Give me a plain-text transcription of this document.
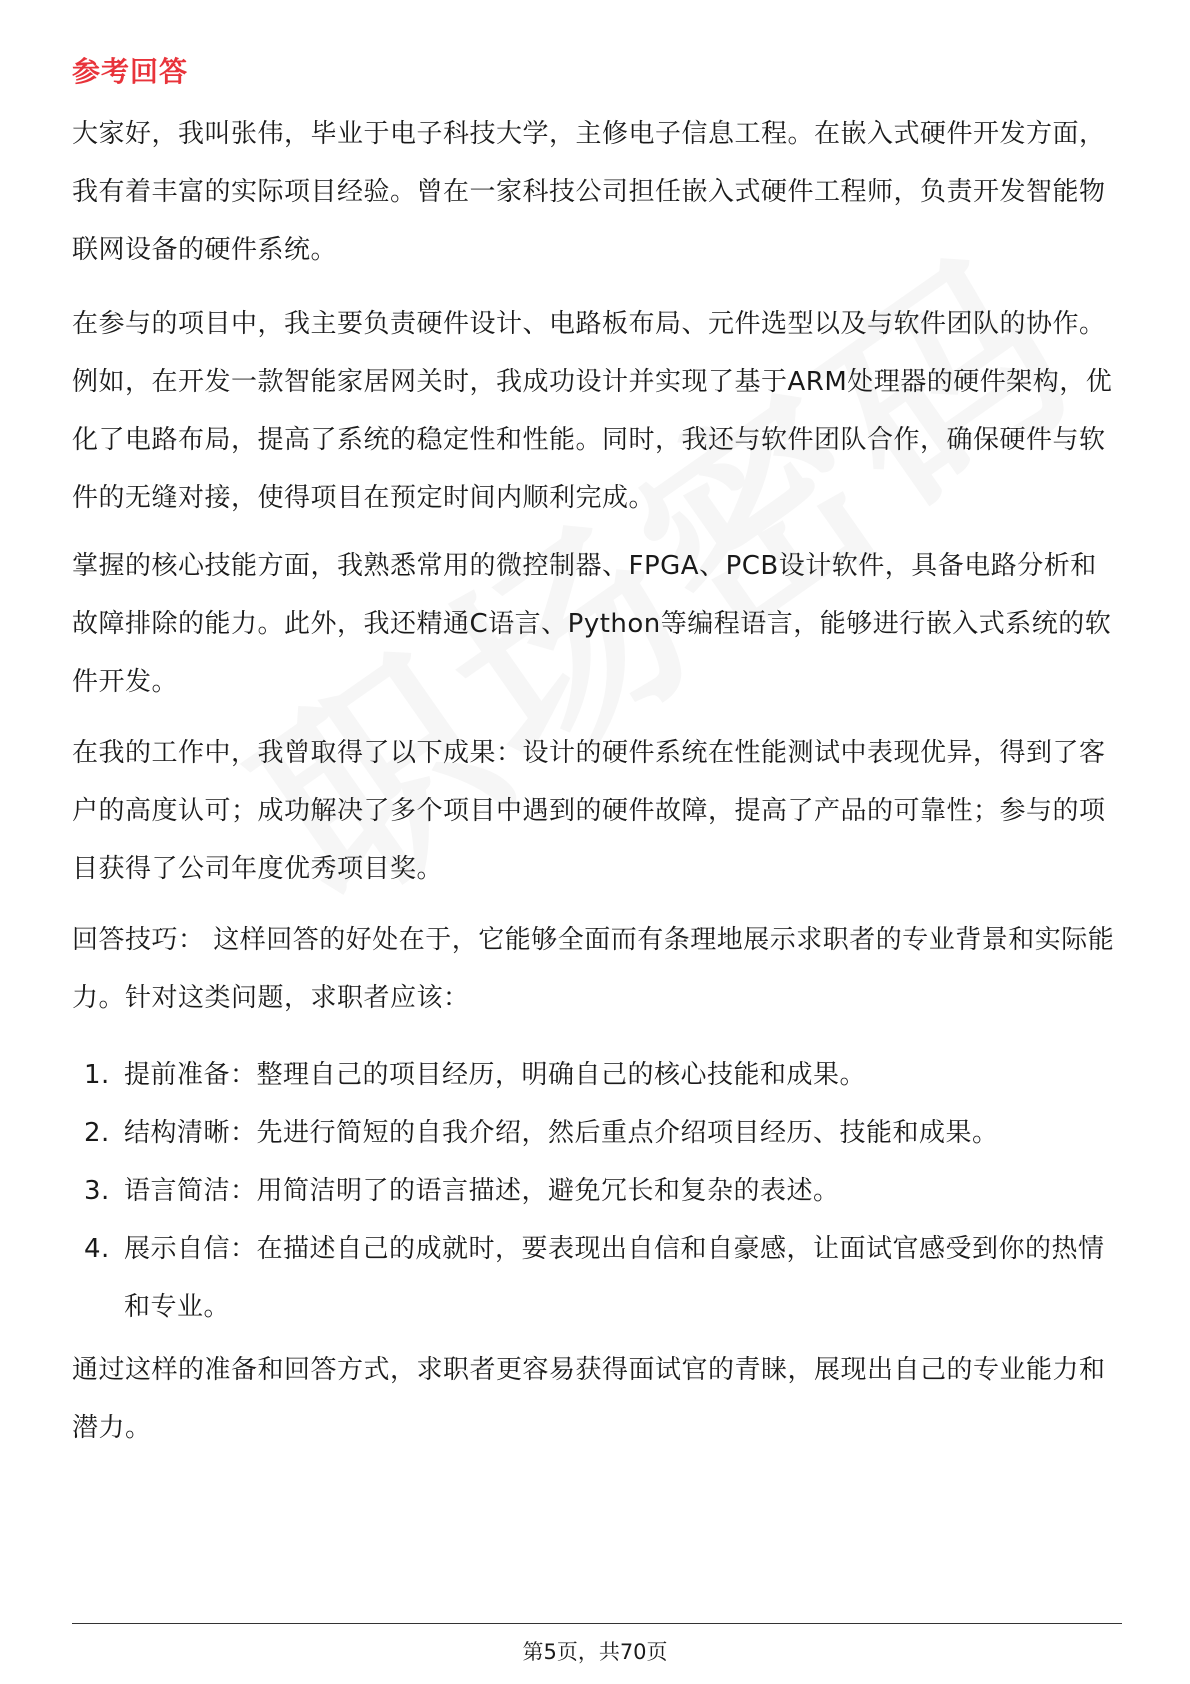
参考回答

大家好，我叫张伟，毕业于电子科技大学，主修电子信息工程。在嵌入式硬件开发方面，我有着丰富的实际项目经验。曾在一家科技公司担任嵌入式硬件工程师，负责开发智能物联网设备的硬件系统。

在参与的项目中，我主要负责硬件设计、电路板布局、元件选型以及与软件团队的协作。例如，在开发一款智能家居网关时，我成功设计并实现了基于ARM处理器的硬件架构，优化了电路布局，提高了系统的稳定性和性能。同时，我还与软件团队合作，确保硬件与软件的无缝对接，使得项目在预定时间内顺利完成。

掌握的核心技能方面，我熟悉常用的微控制器、FPGA、PCB设计软件，具备电路分析和故障排除的能力。此外，我还精通C语言、Python等编程语言，能够进行嵌入式系统的软件开发。

在我的工作中，我曾取得了以下成果：设计的硬件系统在性能测试中表现优异，得到了客户的高度认可；成功解决了多个项目中遇到的硬件故障，提高了产品的可靠性；参与的项目获得了公司年度优秀项目奖。

回答技巧： 这样回答的好处在于，它能够全面而有条理地展示求职者的专业背景和实际能力。针对这类问题，求职者应该：

1. 提前准备：整理自己的项目经历，明确自己的核心技能和成果。
2. 结构清晰：先进行简短的自我介绍，然后重点介绍项目经历、技能和成果。
3. 语言简洁：用简洁明了的语言描述，避免冗长和复杂的表述。
4. 展示自信：在描述自己的成就时，要表现出自信和自豪感，让面试官感受到你的热情和专业。

通过这样的准备和回答方式，求职者更容易获得面试官的青睐，展现出自己的专业能力和潜力。

第5页，共70页
